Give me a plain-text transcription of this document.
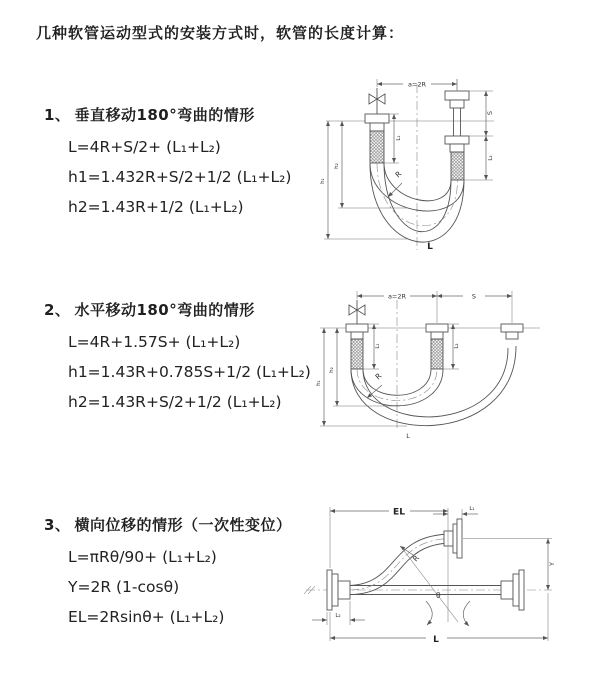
几种软管运动型式的安装方式时，软管的长度计算：
1、 垂直移动180°弯曲的情形
L=4R+S/2+ (L₁+L₂)
h1=1.432R+S/2+1/2 (L₁+L₂)
h2=1.43R+1/2 (L₁+L₂)
2、 水平移动180°弯曲的情形
L=4R+1.57S+ (L₁+L₂)
h1=1.43R+0.785S+1/2 (L₁+L₂)
h2=1.43R+S/2+1/2 (L₁+L₂)
3、 横向位移的情形（一次性变位）
L=πRθ/90+ (L₁+L₂)
Y=2R (1-cosθ)
EL=2Rsinθ+ (L₁+L₂)
a=2R
h₁
h₂
L₁
S
L₂
R
L
a=2R	S
L₁	L₂
h₁
h₂
R
L
EL	L₁
Y
θ
R
L
L₂
